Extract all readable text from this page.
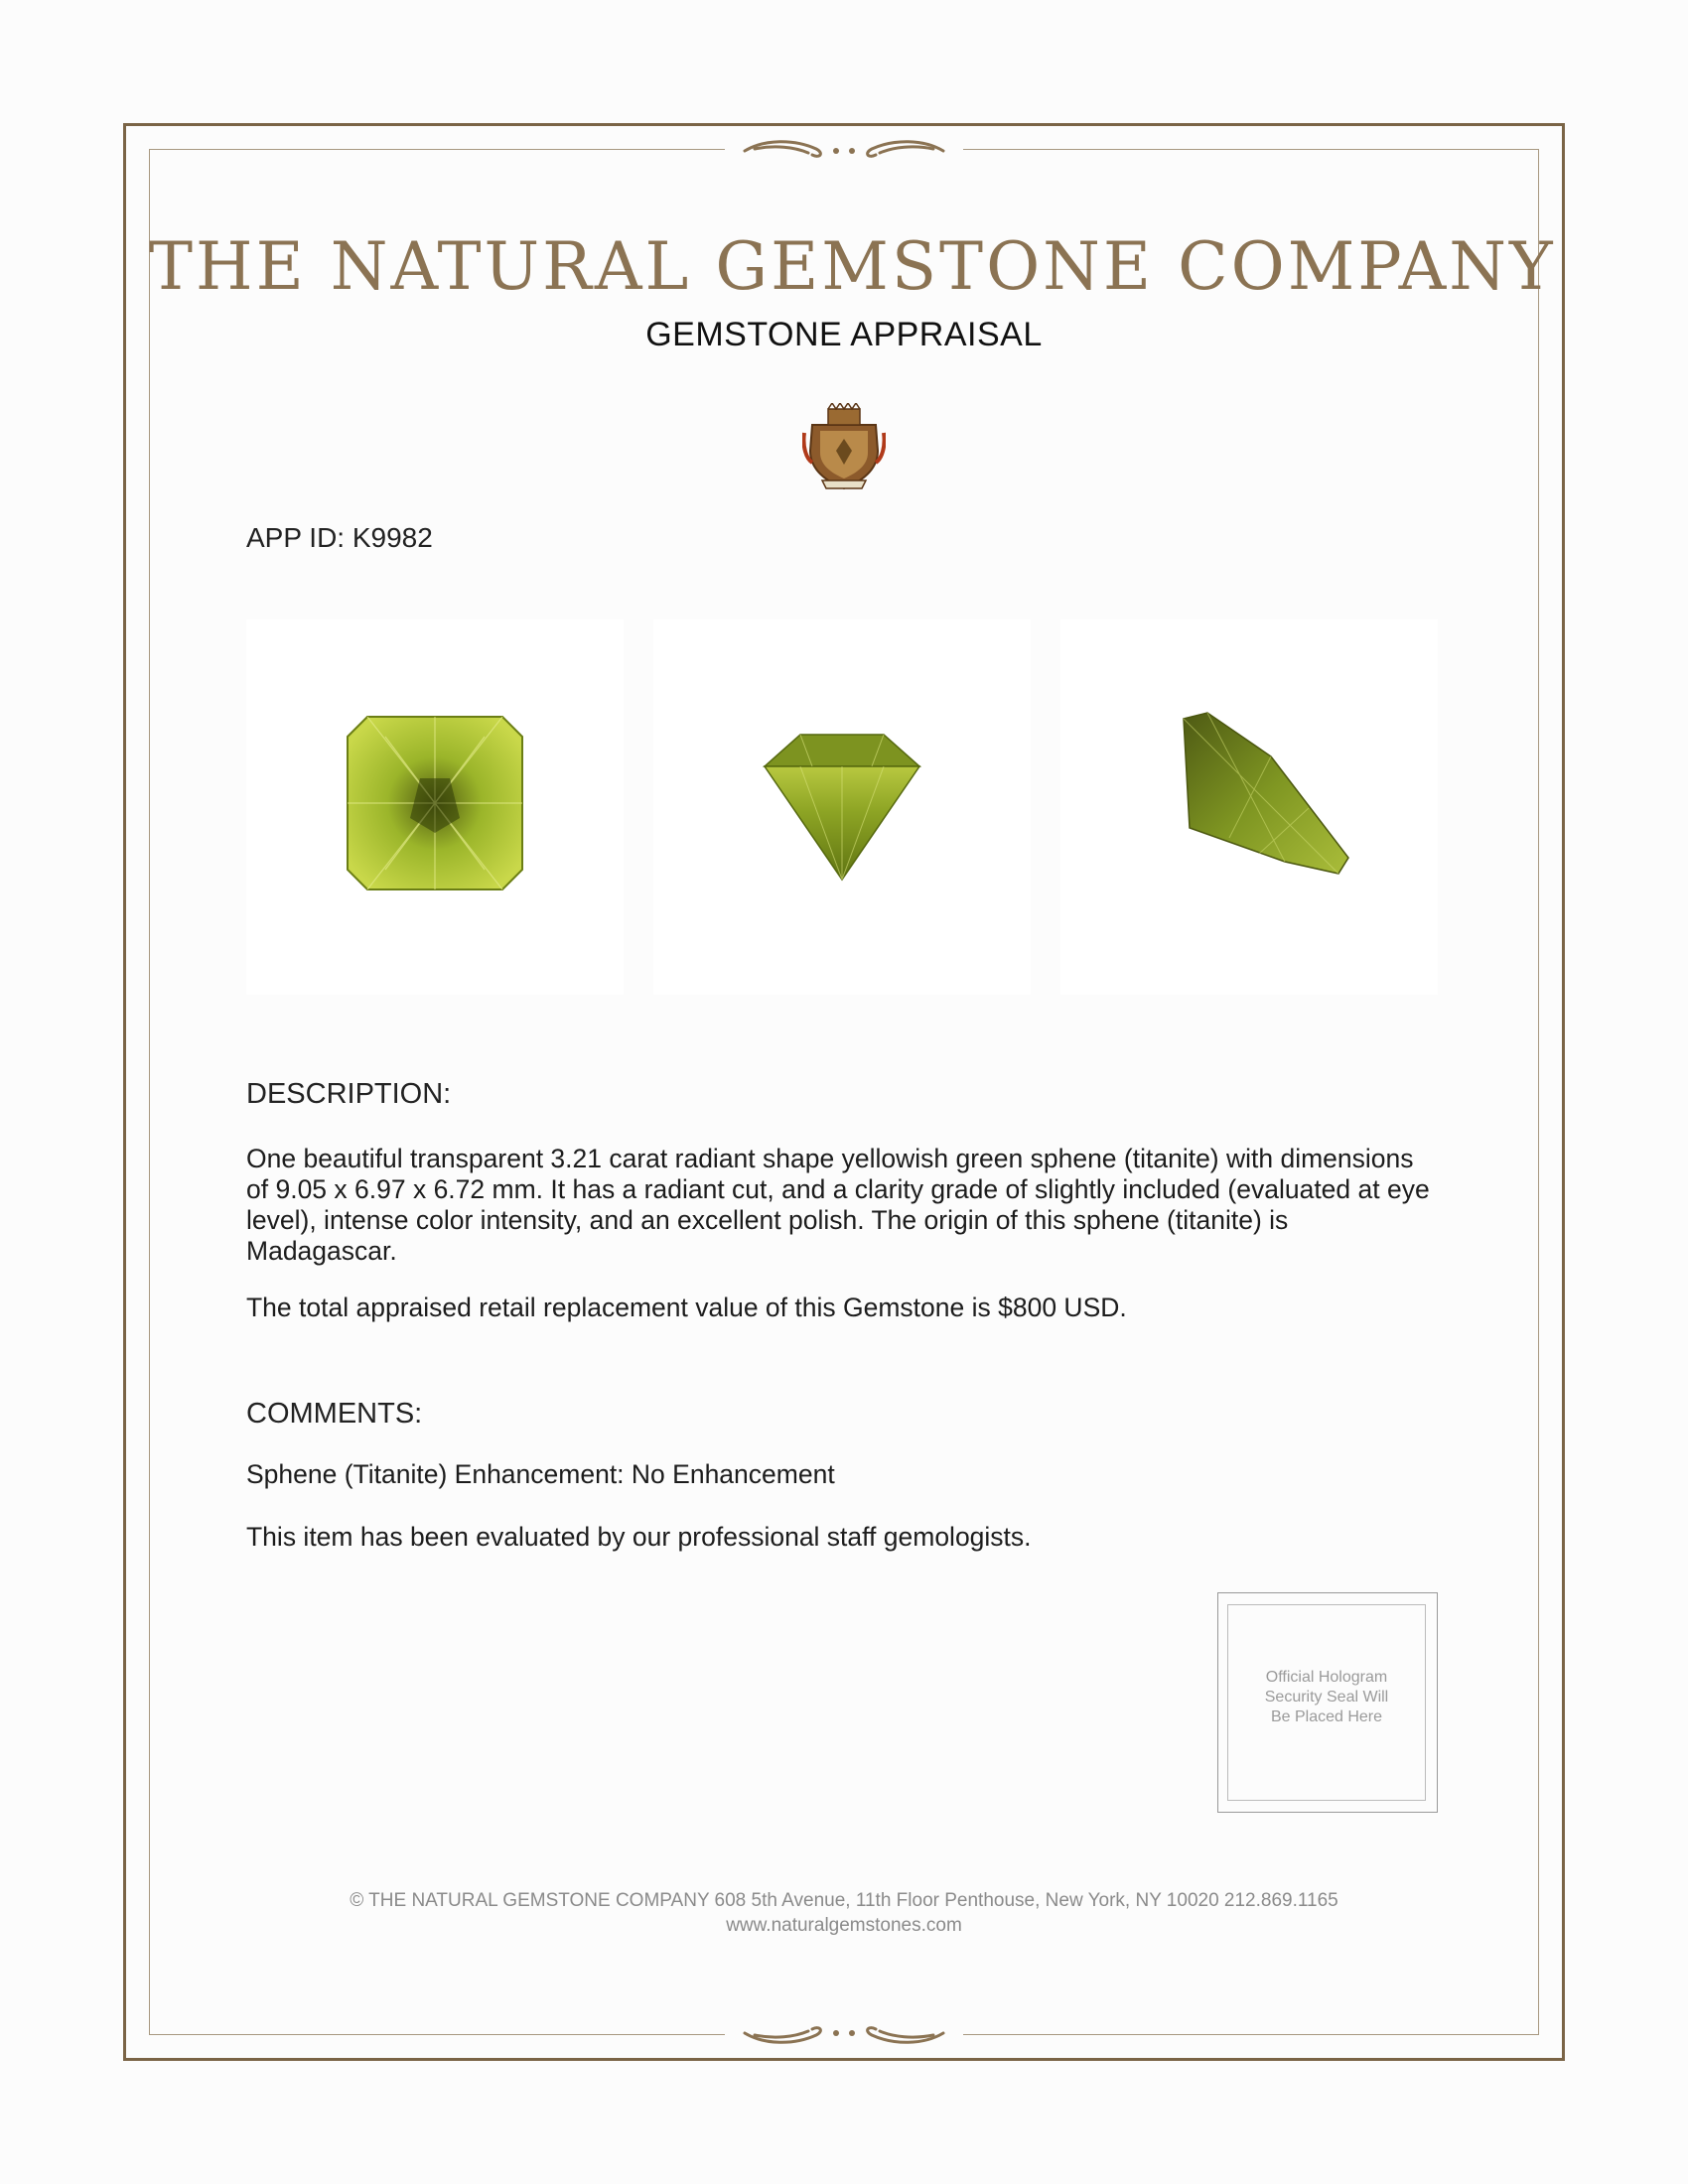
THE NATURAL GEMSTONE COMPANY
GEMSTONE APPRAISAL
APP ID: K9982
DESCRIPTION:
One beautiful transparent 3.21 carat radiant shape yellowish green sphene (titanite) with dimensions of 9.05 x 6.97 x 6.72 mm. It has a radiant cut, and a clarity grade of slightly included (evaluated at eye level), intense color intensity, and an excellent polish. The origin of this sphene (titanite) is Madagascar.
The total appraised retail replacement value of this Gemstone is $800 USD.
COMMENTS:
Sphene (Titanite) Enhancement: No Enhancement
This item has been evaluated by our professional staff gemologists.
Official Hologram
Security Seal Will
Be Placed Here
© THE NATURAL GEMSTONE COMPANY 608 5th Avenue, 11th Floor Penthouse, New York, NY 10020 212.869.1165
www.naturalgemstones.com
